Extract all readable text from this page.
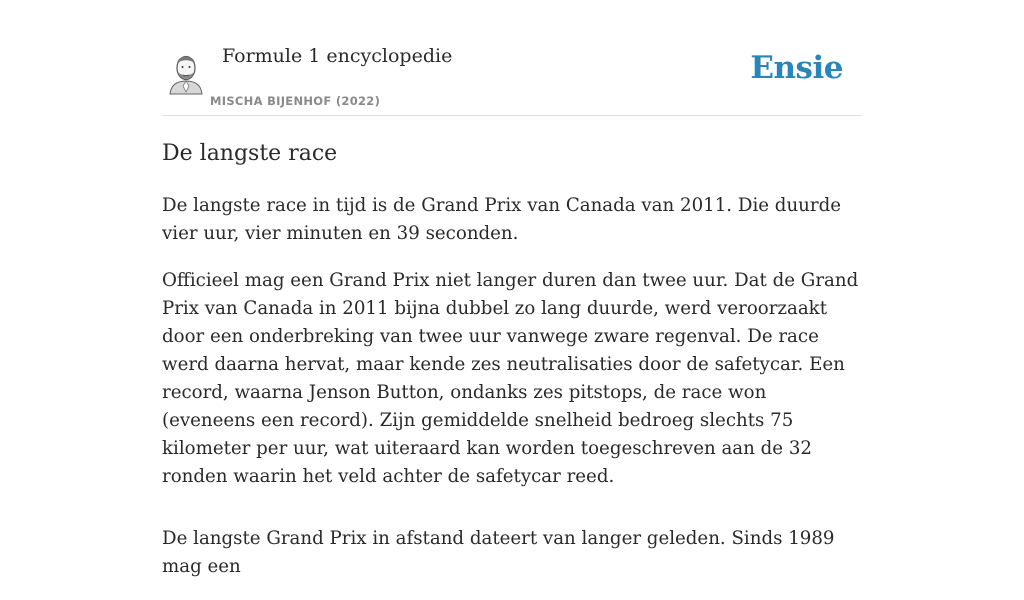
Formule 1 encyclopedie
MISCHA BIJENHOF (2022)
Ensie
De langste race

De langste race in tijd is de Grand Prix van Canada van 2011. Die duurde vier uur, vier minuten en 39 seconden.

Officieel mag een Grand Prix niet langer duren dan twee uur. Dat de Grand Prix van Canada in 2011 bijna dubbel zo lang duurde, werd veroorzaakt door een onderbreking van twee uur vanwege zware regenval. De race werd daarna hervat, maar kende zes neutralisaties door de safetycar. Een record, waarna Jenson Button, ondanks zes pitstops, de race won (eveneens een record). Zijn gemiddelde snelheid bedroeg slechts 75 kilometer per uur, wat uiteraard kan worden toegeschreven aan de 32 ronden waarin het veld achter de safetycar reed.

De langste Grand Prix in afstand dateert van langer geleden. Sinds 1989 mag een
